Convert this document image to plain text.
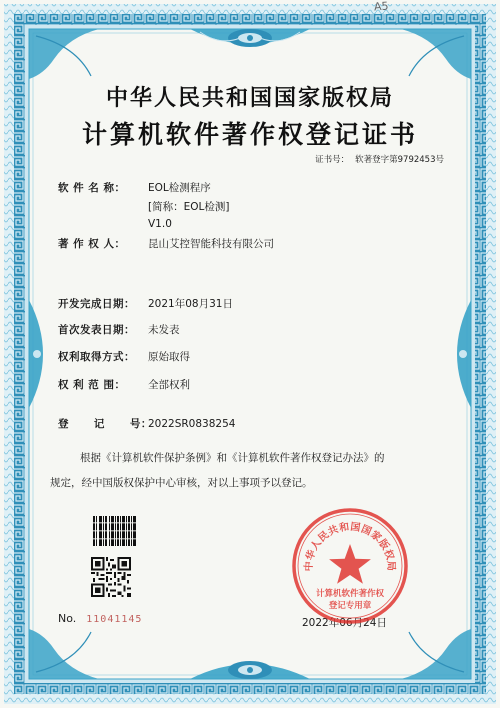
A5
中华人民共和国国家版权局
计算机软件著作权登记证书
证书号： 软著登字第9792453号
软 件 名 称： EOL检测程序
[简称：EOL检测]
V1.0
著 作 权 人： 昆山艾控智能科技有限公司
开发完成日期： 2021年08月31日
首次发表日期： 未发表
权利取得方式： 原始取得
权 利 范 围： 全部权利
登      记      号：2022SR0838254
根据《计算机软件保护条例》和《计算机软件著作权登记办法》的
规定，经中国版权保护中心审核，对以上事项予以登记。
No. 11041145	2022年06月24日
中华人民共和国国家版权局
计算机软件著作权
登记专用章
